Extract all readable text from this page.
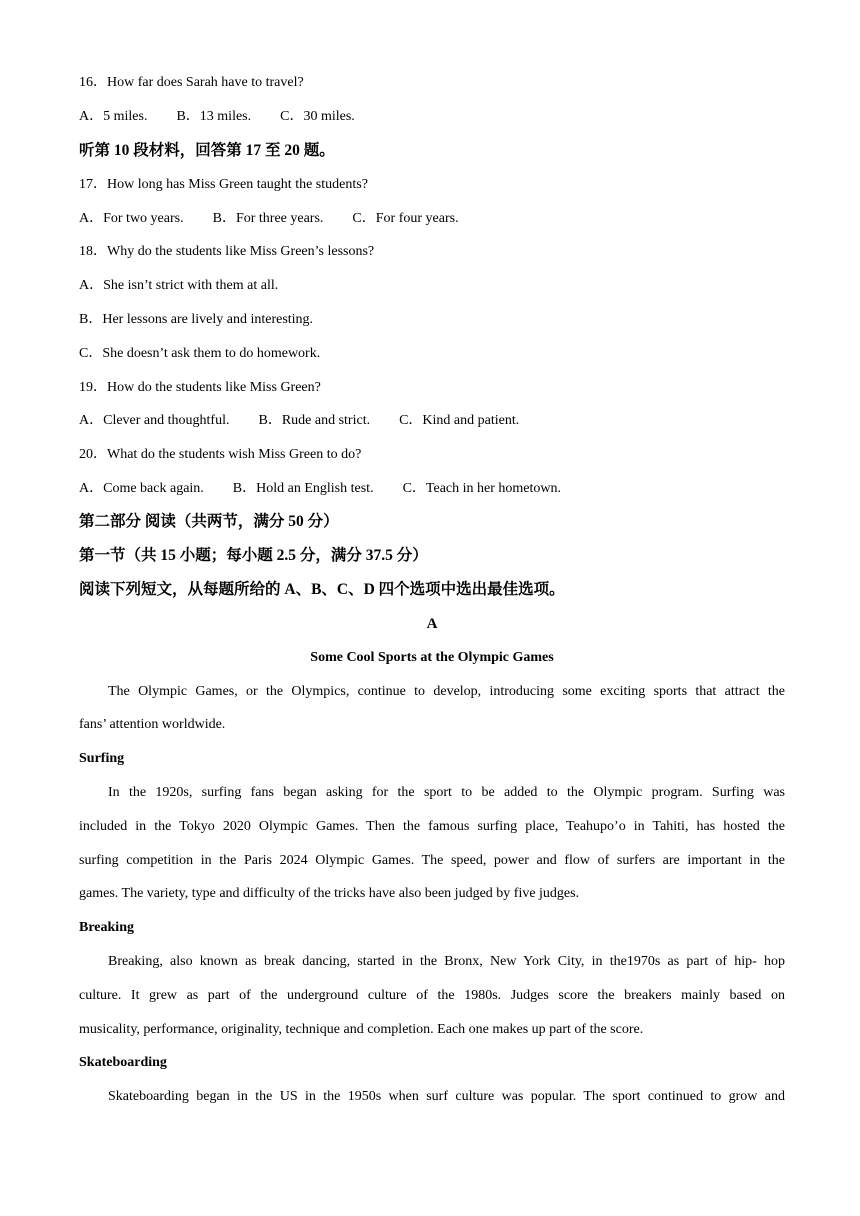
16．How far does Sarah have to travel?
A．5 miles. B．13 miles. C．30 miles.
听第 10 段材料，回答第 17 至 20 题。
17．How long has Miss Green taught the students?
A．For two years. B．For three years. C．For four years.
18．Why do the students like Miss Green’s lessons?
A．She isn’t strict with them at all.
B．Her lessons are lively and interesting.
C．She doesn’t ask them to do homework.
19．How do the students like Miss Green?
A．Clever and thoughtful. B．Rude and strict. C．Kind and patient.
20．What do the students wish Miss Green to do?
A．Come back again. B．Hold an English test. C．Teach in her hometown.
第二部分 阅读（共两节，满分 50 分）
第一节（共 15 小题；每小题 2.5 分，满分 37.5 分）
阅读下列短文，从每题所给的 A、B、C、D 四个选项中选出最佳选项。
A
Some Cool Sports at the Olympic Games
The Olympic Games, or the Olympics, continue to develop, introducing some exciting sports that attract the
fans’ attention worldwide.
Surfing
In the 1920s, surfing fans began asking for the sport to be added to the Olympic program. Surfing was
included in the Tokyo 2020 Olympic Games. Then the famous surfing place, Teahupo’o in Tahiti, has hosted the
surfing competition in the Paris 2024 Olympic Games. The speed, power and flow of surfers are important in the
games. The variety, type and difficulty of the tricks have also been judged by five judges.
Breaking
Breaking, also known as break dancing, started in the Bronx, New York City, in the1970s as part of hip- hop
culture. It grew as part of the underground culture of the 1980s. Judges score the breakers mainly based on
musicality, performance, originality, technique and completion. Each one makes up part of the score.
Skateboarding
Skateboarding began in the US in the 1950s when surf culture was popular. The sport continued to grow and
